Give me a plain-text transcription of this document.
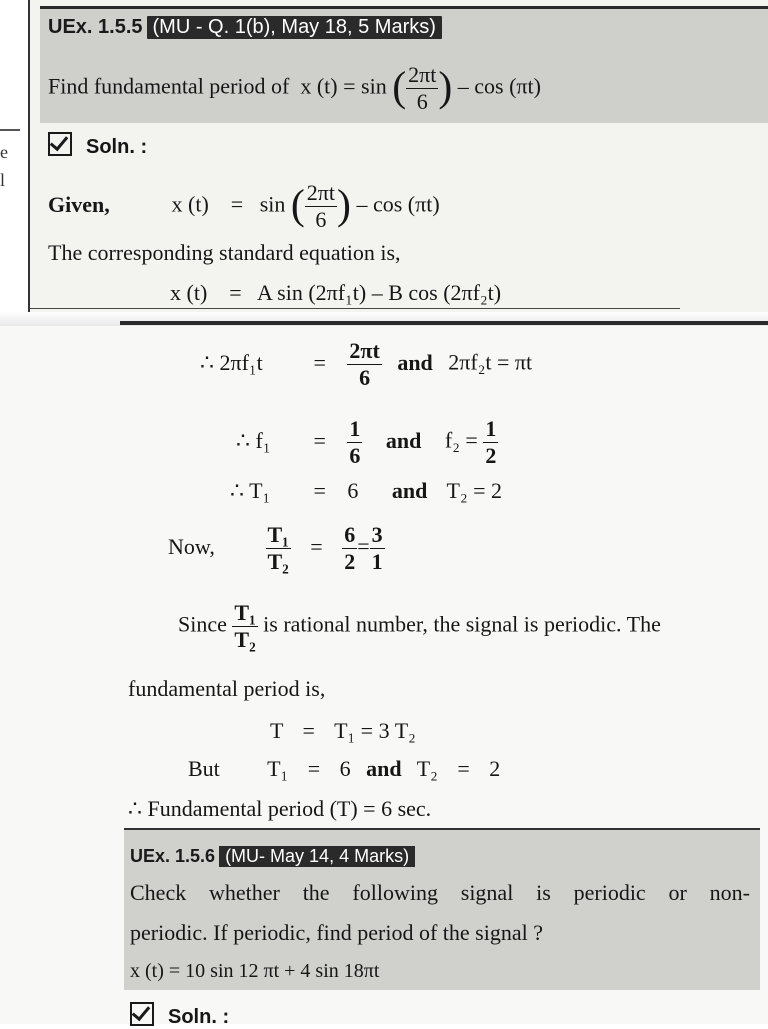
e
l
UEx. 1.5.5 (MU - Q. 1(b), May 18, 5 Marks)
Find fundamental period of x (t) = sin ( $\frac{2\pi t}{6}$ ) – cos (πt)
Soln. :
Given,	x (t) = sin ( $\frac{2\pi t}{6}$ ) – cos (πt)
The corresponding standard equation is,
x (t) = A sin (2πf₁t) – B cos (2πf₂t)
∴ $2\pi f_1t = \frac{2\pi t}{6}$ and 2πf₂t = πt
∴ $f_1 = \frac{1}{6}$ and $f_2 = \frac{1}{2}$
∴ T₁ = 6 and T₂ = 2
Now, $\frac{\text{T₁}}{\text{T₂}} = \frac{6}{2} = \frac{3}{1}$
Since $\frac{\text{T₁}}{\text{T₂}}$ is rational number, the signal is periodic. The
fundamental period is,
T = T₁ = 3 T₂
But T₁ = 6 and T₂ = 2
∴ Fundamental period (T) = 6 sec.
UEx. 1.5.6 (MU- May 14, 4 Marks)
Check whether the following signal is periodic or non-
periodic. If periodic, find period of the signal ?
x (t) = 10 sin 12 πt + 4 sin 18πt
Soln. :
